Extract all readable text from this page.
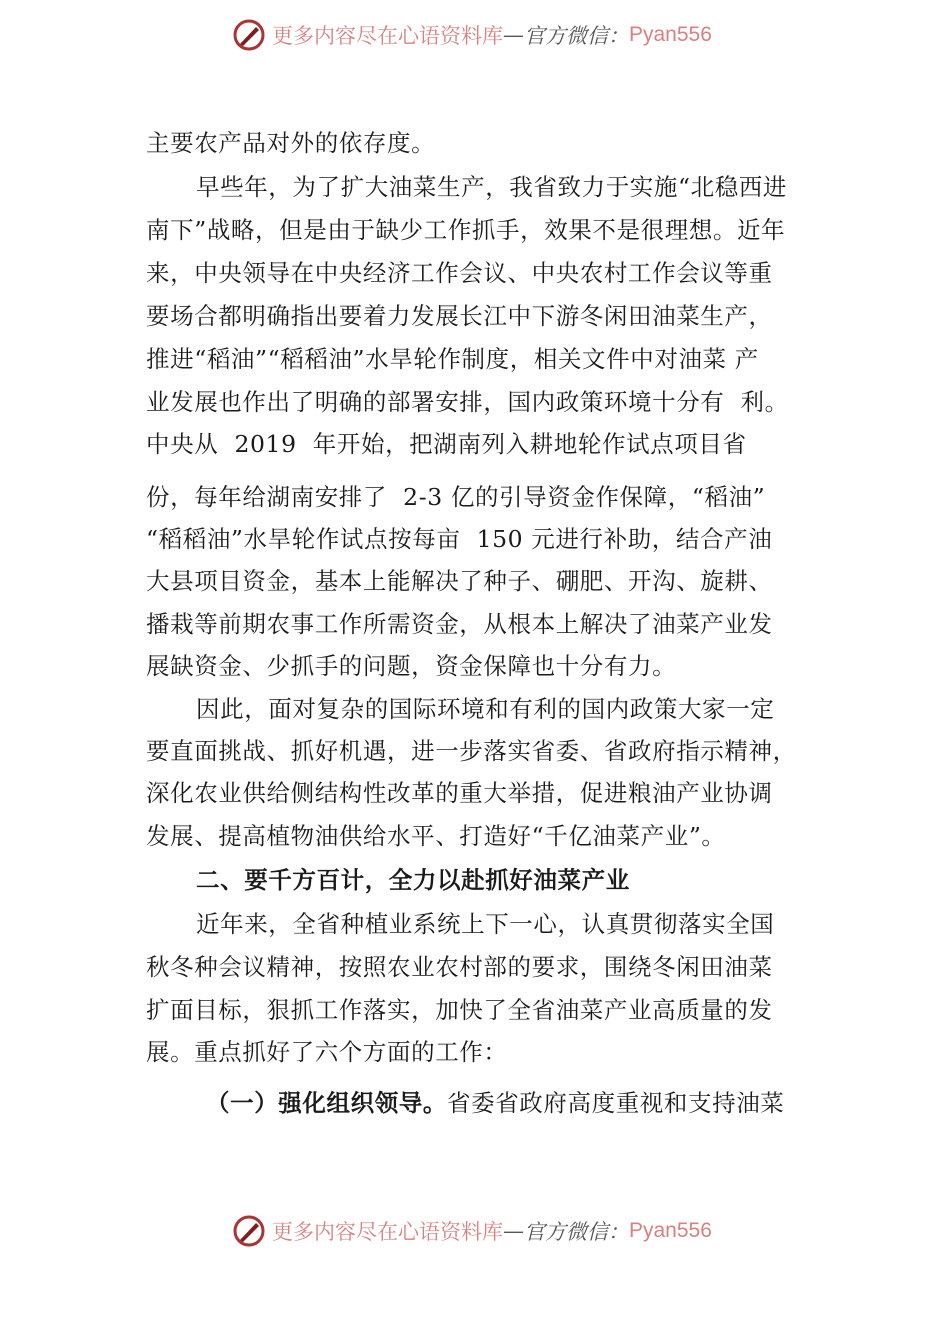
更多内容尽在心语资料库 — 官方微信： Pyan556
主要农产品对外的依存度。
早些年，为了扩大油菜生产，我省致力于实施“北稳西进
南下”战略，但是由于缺少工作抓手，效果不是很理想。近年
来，中央领导在中央经济工作会议、中央农村工作会议等重
要场合都明确指出要着力发展长江中下游冬闲田油菜生产，
推进“稻油”“稻稻油”水旱轮作制度，相关文件中对油菜 产
业发展也作出了明确的部署安排，国内政策环境十分有  利。
中央从  2019  年开始，把湖南列入耕地轮作试点项目省
份，每年给湖南安排了  2-3 亿的引导资金作保障，“稻油”
“稻稻油”水旱轮作试点按每亩  150 元进行补助，结合产油
大县项目资金，基本上能解决了种子、硼肥、开沟、旋耕、
播栽等前期农事工作所需资金，从根本上解决了油菜产业发
展缺资金、少抓手的问题，资金保障也十分有力。
因此，面对复杂的国际环境和有利的国内政策大家一定
要直面挑战、抓好机遇，进一步落实省委、省政府指示精神，
深化农业供给侧结构性改革的重大举措，促进粮油产业协调
发展、提高植物油供给水平、打造好“千亿油菜产业”。
二、要千方百计，全力以赴抓好油菜产业
近年来，全省种植业系统上下一心，认真贯彻落实全国
秋冬种会议精神，按照农业农村部的要求，围绕冬闲田油菜
扩面目标，狠抓工作落实，加快了全省油菜产业高质量的发
展。重点抓好了六个方面的工作：
（一）强化组织领导。省委省政府高度重视和支持油菜
更多内容尽在心语资料库 — 官方微信： Pyan556
